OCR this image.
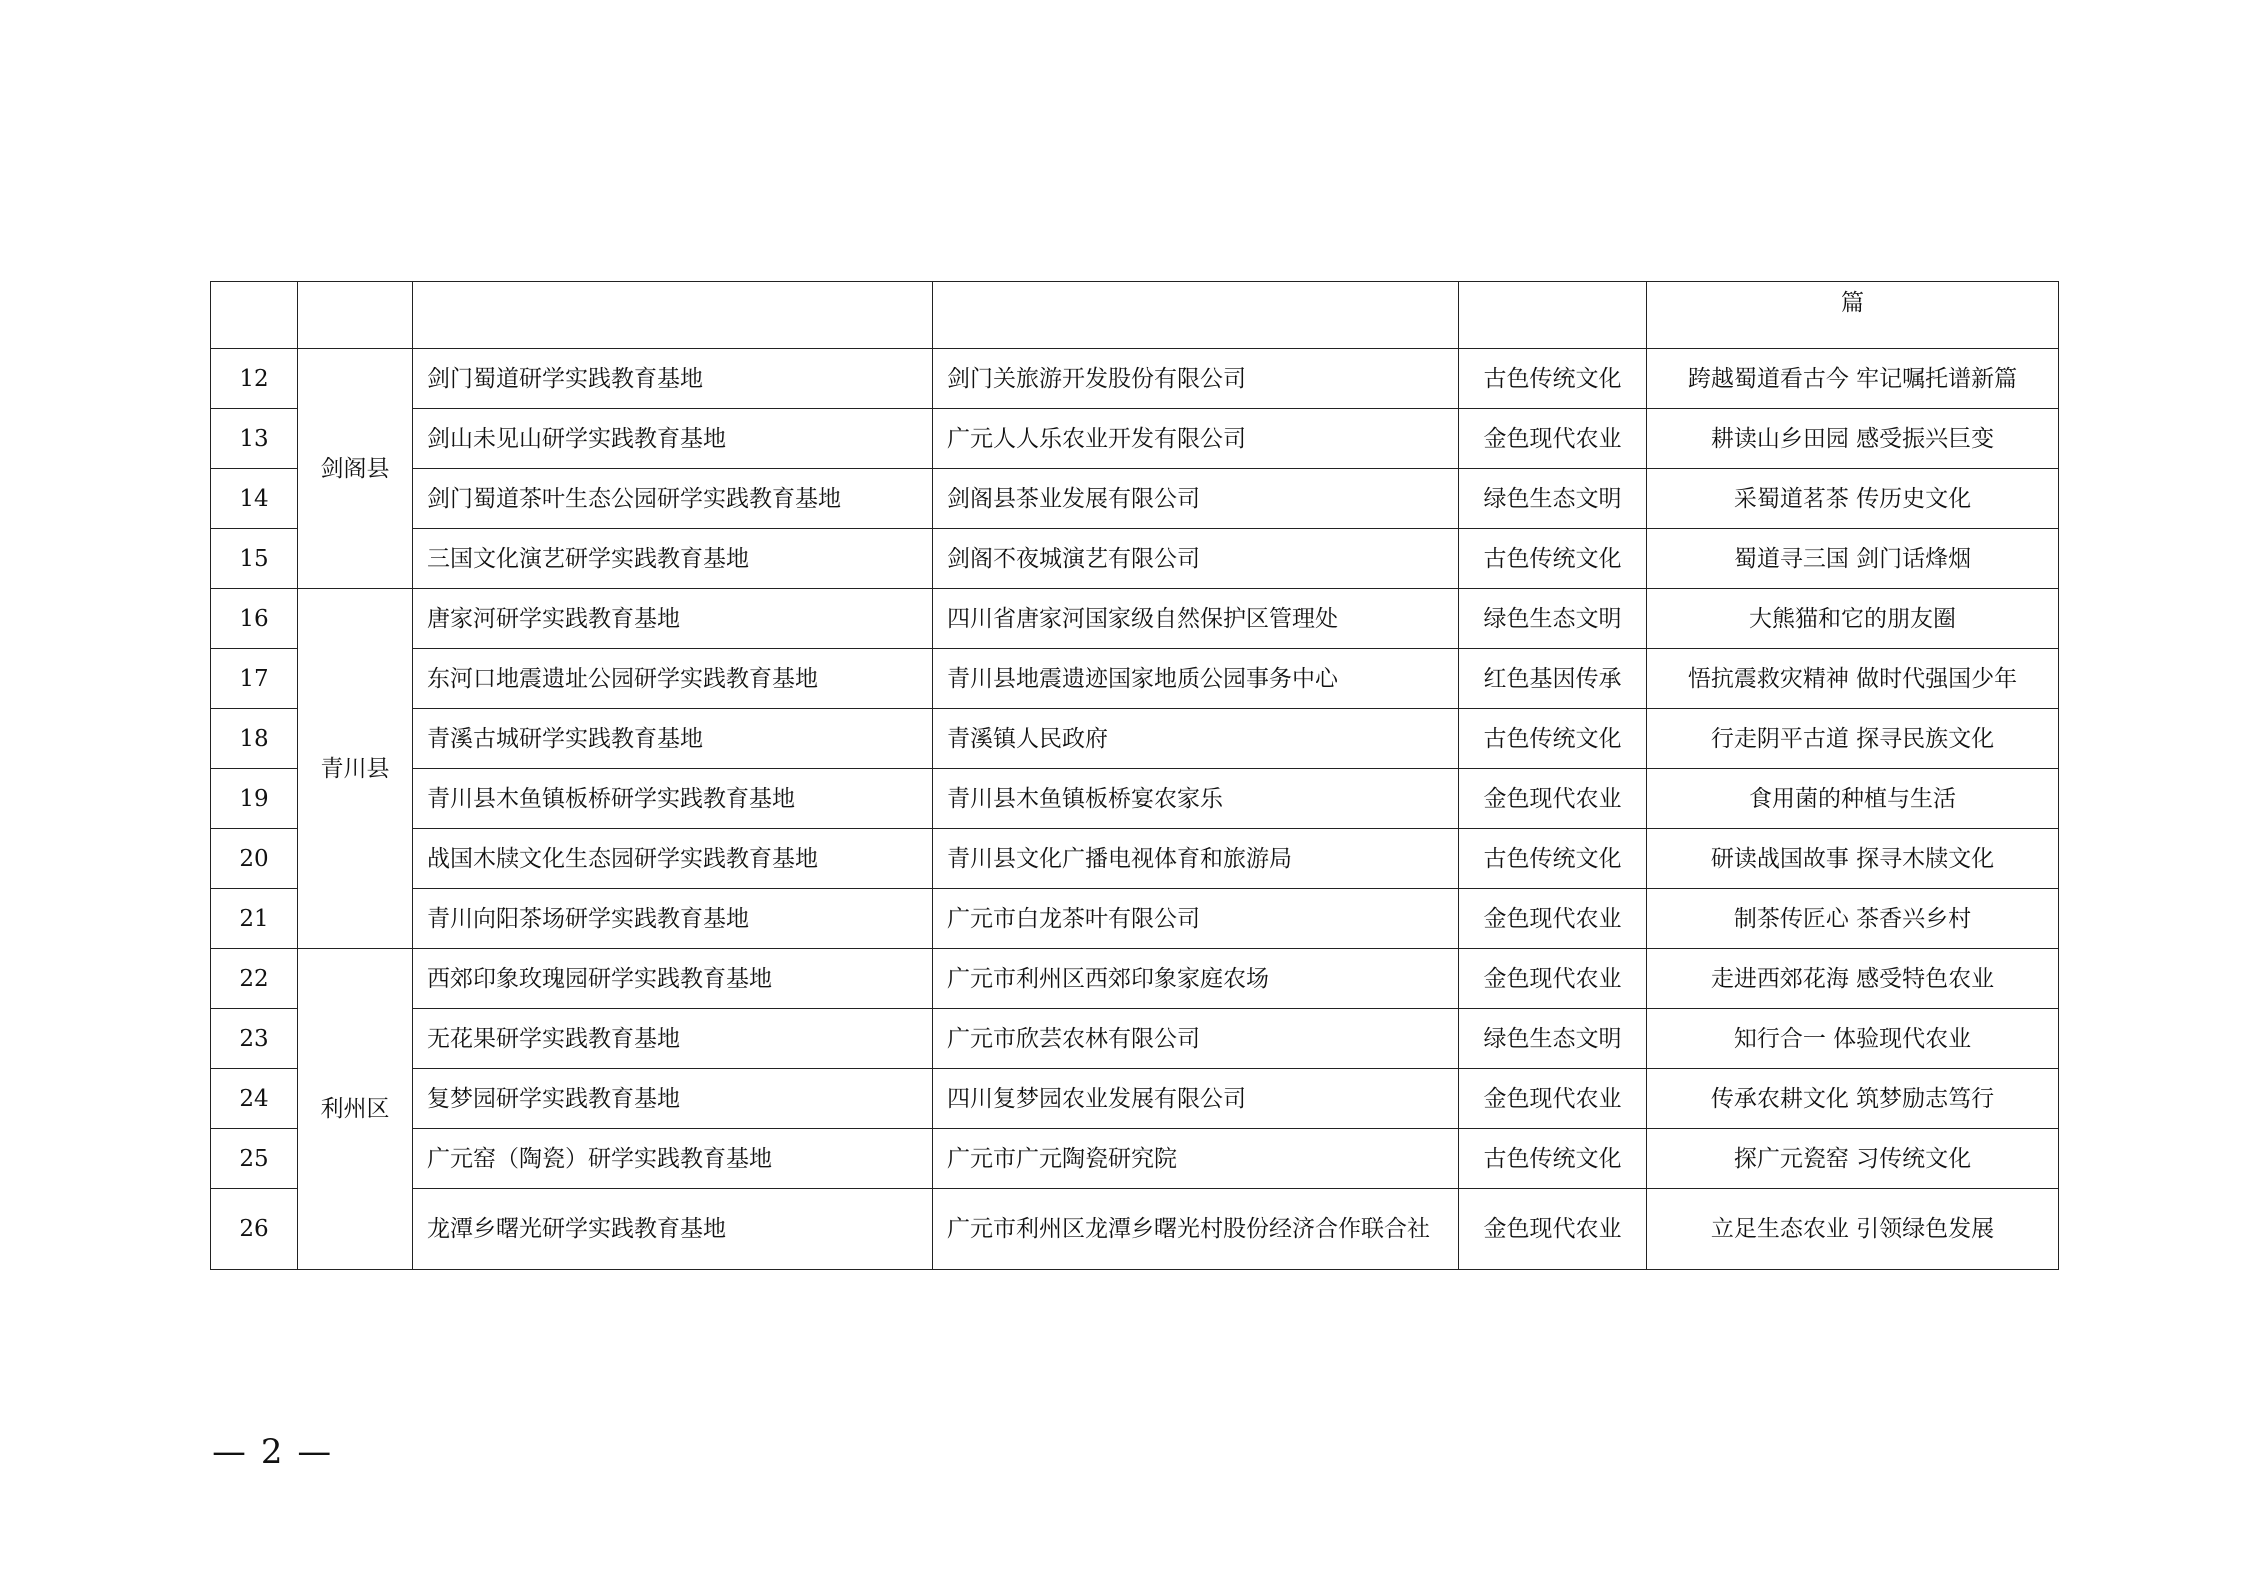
					篇
12	剑阁县	剑门蜀道研学实践教育基地	剑门关旅游开发股份有限公司	古色传统文化	跨越蜀道看古今 牢记嘱托谱新篇
13		剑山未见山研学实践教育基地	广元人人乐农业开发有限公司	金色现代农业	耕读山乡田园 感受振兴巨变
14		剑门蜀道茶叶生态公园研学实践教育基地	剑阁县茶业发展有限公司	绿色生态文明	采蜀道茗茶 传历史文化
15		三国文化演艺研学实践教育基地	剑阁不夜城演艺有限公司	古色传统文化	蜀道寻三国 剑门话烽烟
16	青川县	唐家河研学实践教育基地	四川省唐家河国家级自然保护区管理处	绿色生态文明	大熊猫和它的朋友圈
17		东河口地震遗址公园研学实践教育基地	青川县地震遗迹国家地质公园事务中心	红色基因传承	悟抗震救灾精神 做时代强国少年
18		青溪古城研学实践教育基地	青溪镇人民政府	古色传统文化	行走阴平古道 探寻民族文化
19		青川县木鱼镇板桥研学实践教育基地	青川县木鱼镇板桥宴农家乐	金色现代农业	食用菌的种植与生活
20		战国木牍文化生态园研学实践教育基地	青川县文化广播电视体育和旅游局	古色传统文化	研读战国故事 探寻木牍文化
21		青川向阳茶场研学实践教育基地	广元市白龙茶叶有限公司	金色现代农业	制茶传匠心 茶香兴乡村
22	利州区	西郊印象玫瑰园研学实践教育基地	广元市利州区西郊印象家庭农场	金色现代农业	走进西郊花海 感受特色农业
23		无花果研学实践教育基地	广元市欣芸农林有限公司	绿色生态文明	知行合一 体验现代农业
24		复梦园研学实践教育基地	四川复梦园农业发展有限公司	金色现代农业	传承农耕文化 筑梦励志笃行
25		广元窑（陶瓷）研学实践教育基地	广元市广元陶瓷研究院	古色传统文化	探广元瓷窑 习传统文化
26		龙潭乡曙光研学实践教育基地	广元市利州区龙潭乡曙光村股份经济合作联合社	金色现代农业	立足生态农业 引领绿色发展
— 2 —
